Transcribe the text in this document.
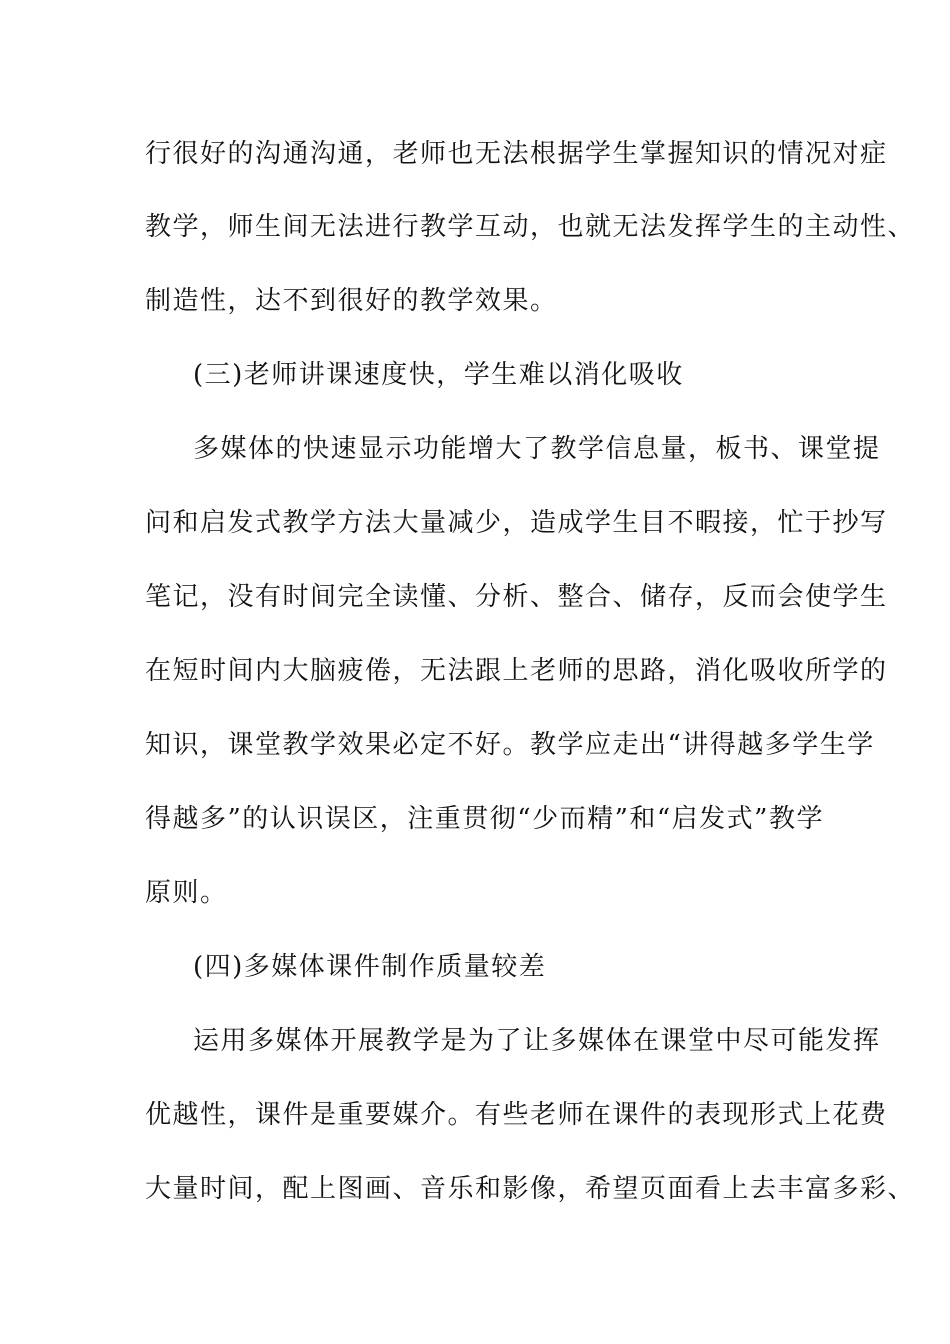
行很好的沟通沟通，老师也无法根据学生掌握知识的情况对症
教学，师生间无法进行教学互动，也就无法发挥学生的主动性、
制造性，达不到很好的教学效果。
(三)老师讲课速度快，学生难以消化吸收
多媒体的快速显示功能增大了教学信息量，板书、课堂提
问和启发式教学方法大量减少，造成学生目不暇接，忙于抄写
笔记，没有时间完全读懂、分析、整合、储存，反而会使学生
在短时间内大脑疲倦，无法跟上老师的思路，消化吸收所学的
知识，课堂教学效果必定不好。教学应走出“讲得越多学生学
得越多”的认识误区，注重贯彻“少而精”和“启发式”教学
原则。
(四)多媒体课件制作质量较差
运用多媒体开展教学是为了让多媒体在课堂中尽可能发挥
优越性，课件是重要媒介。有些老师在课件的表现形式上花费
大量时间，配上图画、音乐和影像，希望页面看上去丰富多彩、
